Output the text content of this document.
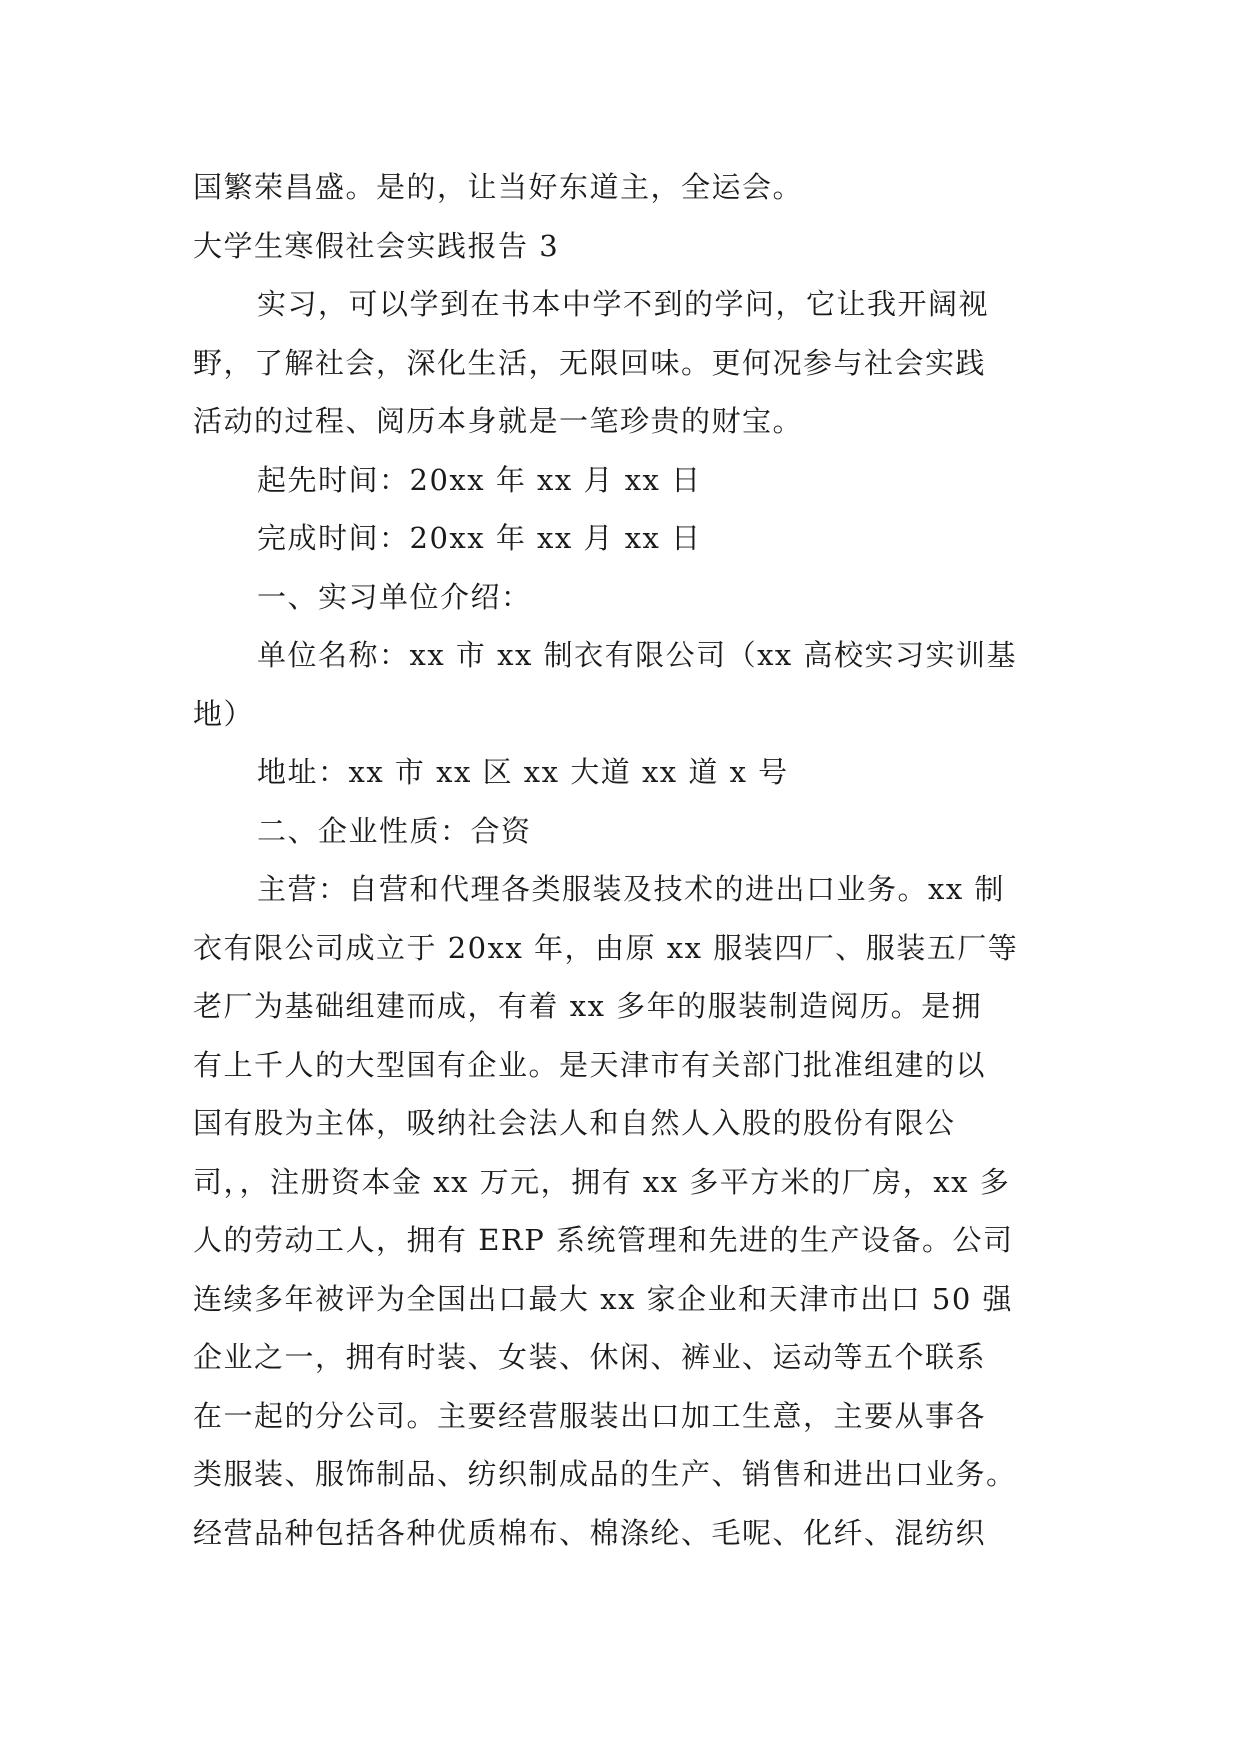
国繁荣昌盛。是的，让当好东道主，全运会。
大学生寒假社会实践报告 3
实习，可以学到在书本中学不到的学问，它让我开阔视
野，了解社会，深化生活，无限回味。更何况参与社会实践
活动的过程、阅历本身就是一笔珍贵的财宝。
起先时间：20xx 年 xx 月 xx 日
完成时间：20xx 年 xx 月 xx 日
一、实习单位介绍：
单位名称：xx 市 xx 制衣有限公司（xx 高校实习实训基
地）
地址：xx 市 xx 区 xx 大道 xx 道 x 号
二、企业性质：合资
主营：自营和代理各类服装及技术的进出口业务。xx 制
衣有限公司成立于 20xx 年，由原 xx 服装四厂、服装五厂等
老厂为基础组建而成，有着 xx 多年的服装制造阅历。是拥
有上千人的大型国有企业。是天津市有关部门批准组建的以
国有股为主体，吸纳社会法人和自然人入股的股份有限公
司，，注册资本金 xx 万元，拥有 xx 多平方米的厂房，xx 多
人的劳动工人，拥有 ERP 系统管理和先进的生产设备。公司
连续多年被评为全国出口最大 xx 家企业和天津市出口 50 强
企业之一，拥有时装、女装、休闲、裤业、运动等五个联系
在一起的分公司。主要经营服装出口加工生意，主要从事各
类服装、服饰制品、纺织制成品的生产、销售和进出口业务。
经营品种包括各种优质棉布、棉涤纶、毛呢、化纤、混纺织
